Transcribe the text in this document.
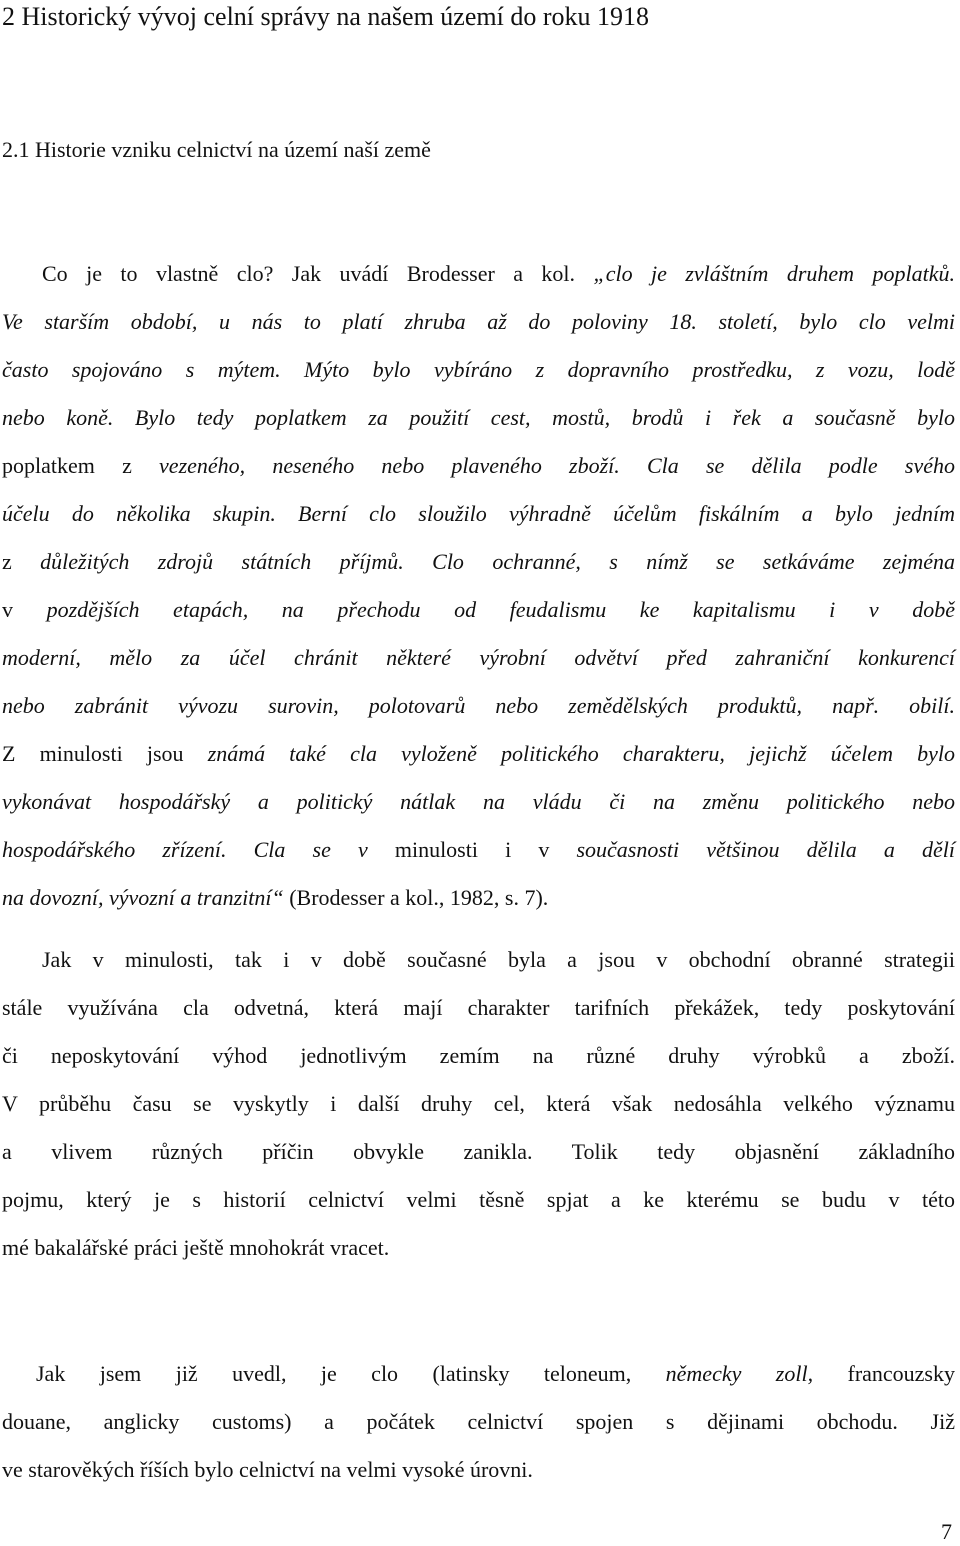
2 Historický vývoj celní správy na našem území do roku 1918
2.1 Historie vzniku celnictví na území naší země
Co je to vlastně clo? Jak uvádí Brodesser a kol. „clo je zvláštním druhem poplatků.
Ve starším období, u nás to platí zhruba až do poloviny 18. století, bylo clo velmi
často spojováno s mýtem. Mýto bylo vybíráno z dopravního prostředku, z vozu, lodě
nebo koně. Bylo tedy poplatkem za použití cest, mostů, brodů i řek a současně bylo
poplatkem z vezeného, neseného nebo plaveného zboží. Cla se dělila podle svého
účelu do několika skupin. Berní clo sloužilo výhradně účelům fiskálním a bylo jedním
z důležitých zdrojů státních příjmů. Clo ochranné, s nímž se setkáváme zejména
v pozdějších etapách, na přechodu od feudalismu ke kapitalismu i v době
moderní, mělo za účel chránit některé výrobní odvětví před zahraniční konkurencí
nebo zabránit vývozu surovin, polotovarů nebo zemědělských produktů, např. obilí.
Z minulosti jsou známá také cla vyloženě politického charakteru, jejichž účelem bylo
vykonávat hospodářský a politický nátlak na vládu či na změnu politického nebo
hospodářského zřízení. Cla se v minulosti i v současnosti většinou dělila a dělí
na dovozní, vývozní a tranzitní“ (Brodesser a kol., 1982, s. 7).
Jak v minulosti, tak i v době současné byla a jsou v obchodní obranné strategii
stále využívána cla odvetná, která mají charakter tarifních překážek, tedy poskytování
či neposkytování výhod jednotlivým zemím na různé druhy výrobků a zboží.
V průběhu času se vyskytly i další druhy cel, která však nedosáhla velkého významu
a vlivem různých příčin obvykle zanikla. Tolik tedy objasnění základního
pojmu, který je s historií celnictví velmi těsně spjat a ke kterému se budu v této
mé bakalářské práci ještě mnohokrát vracet.
Jak jsem již uvedl, je clo (latinsky teloneum, německy zoll, francouzsky
douane, anglicky customs) a počátek celnictví spojen s dějinami obchodu. Již
ve starověkých říších bylo celnictví na velmi vysoké úrovni.

7
